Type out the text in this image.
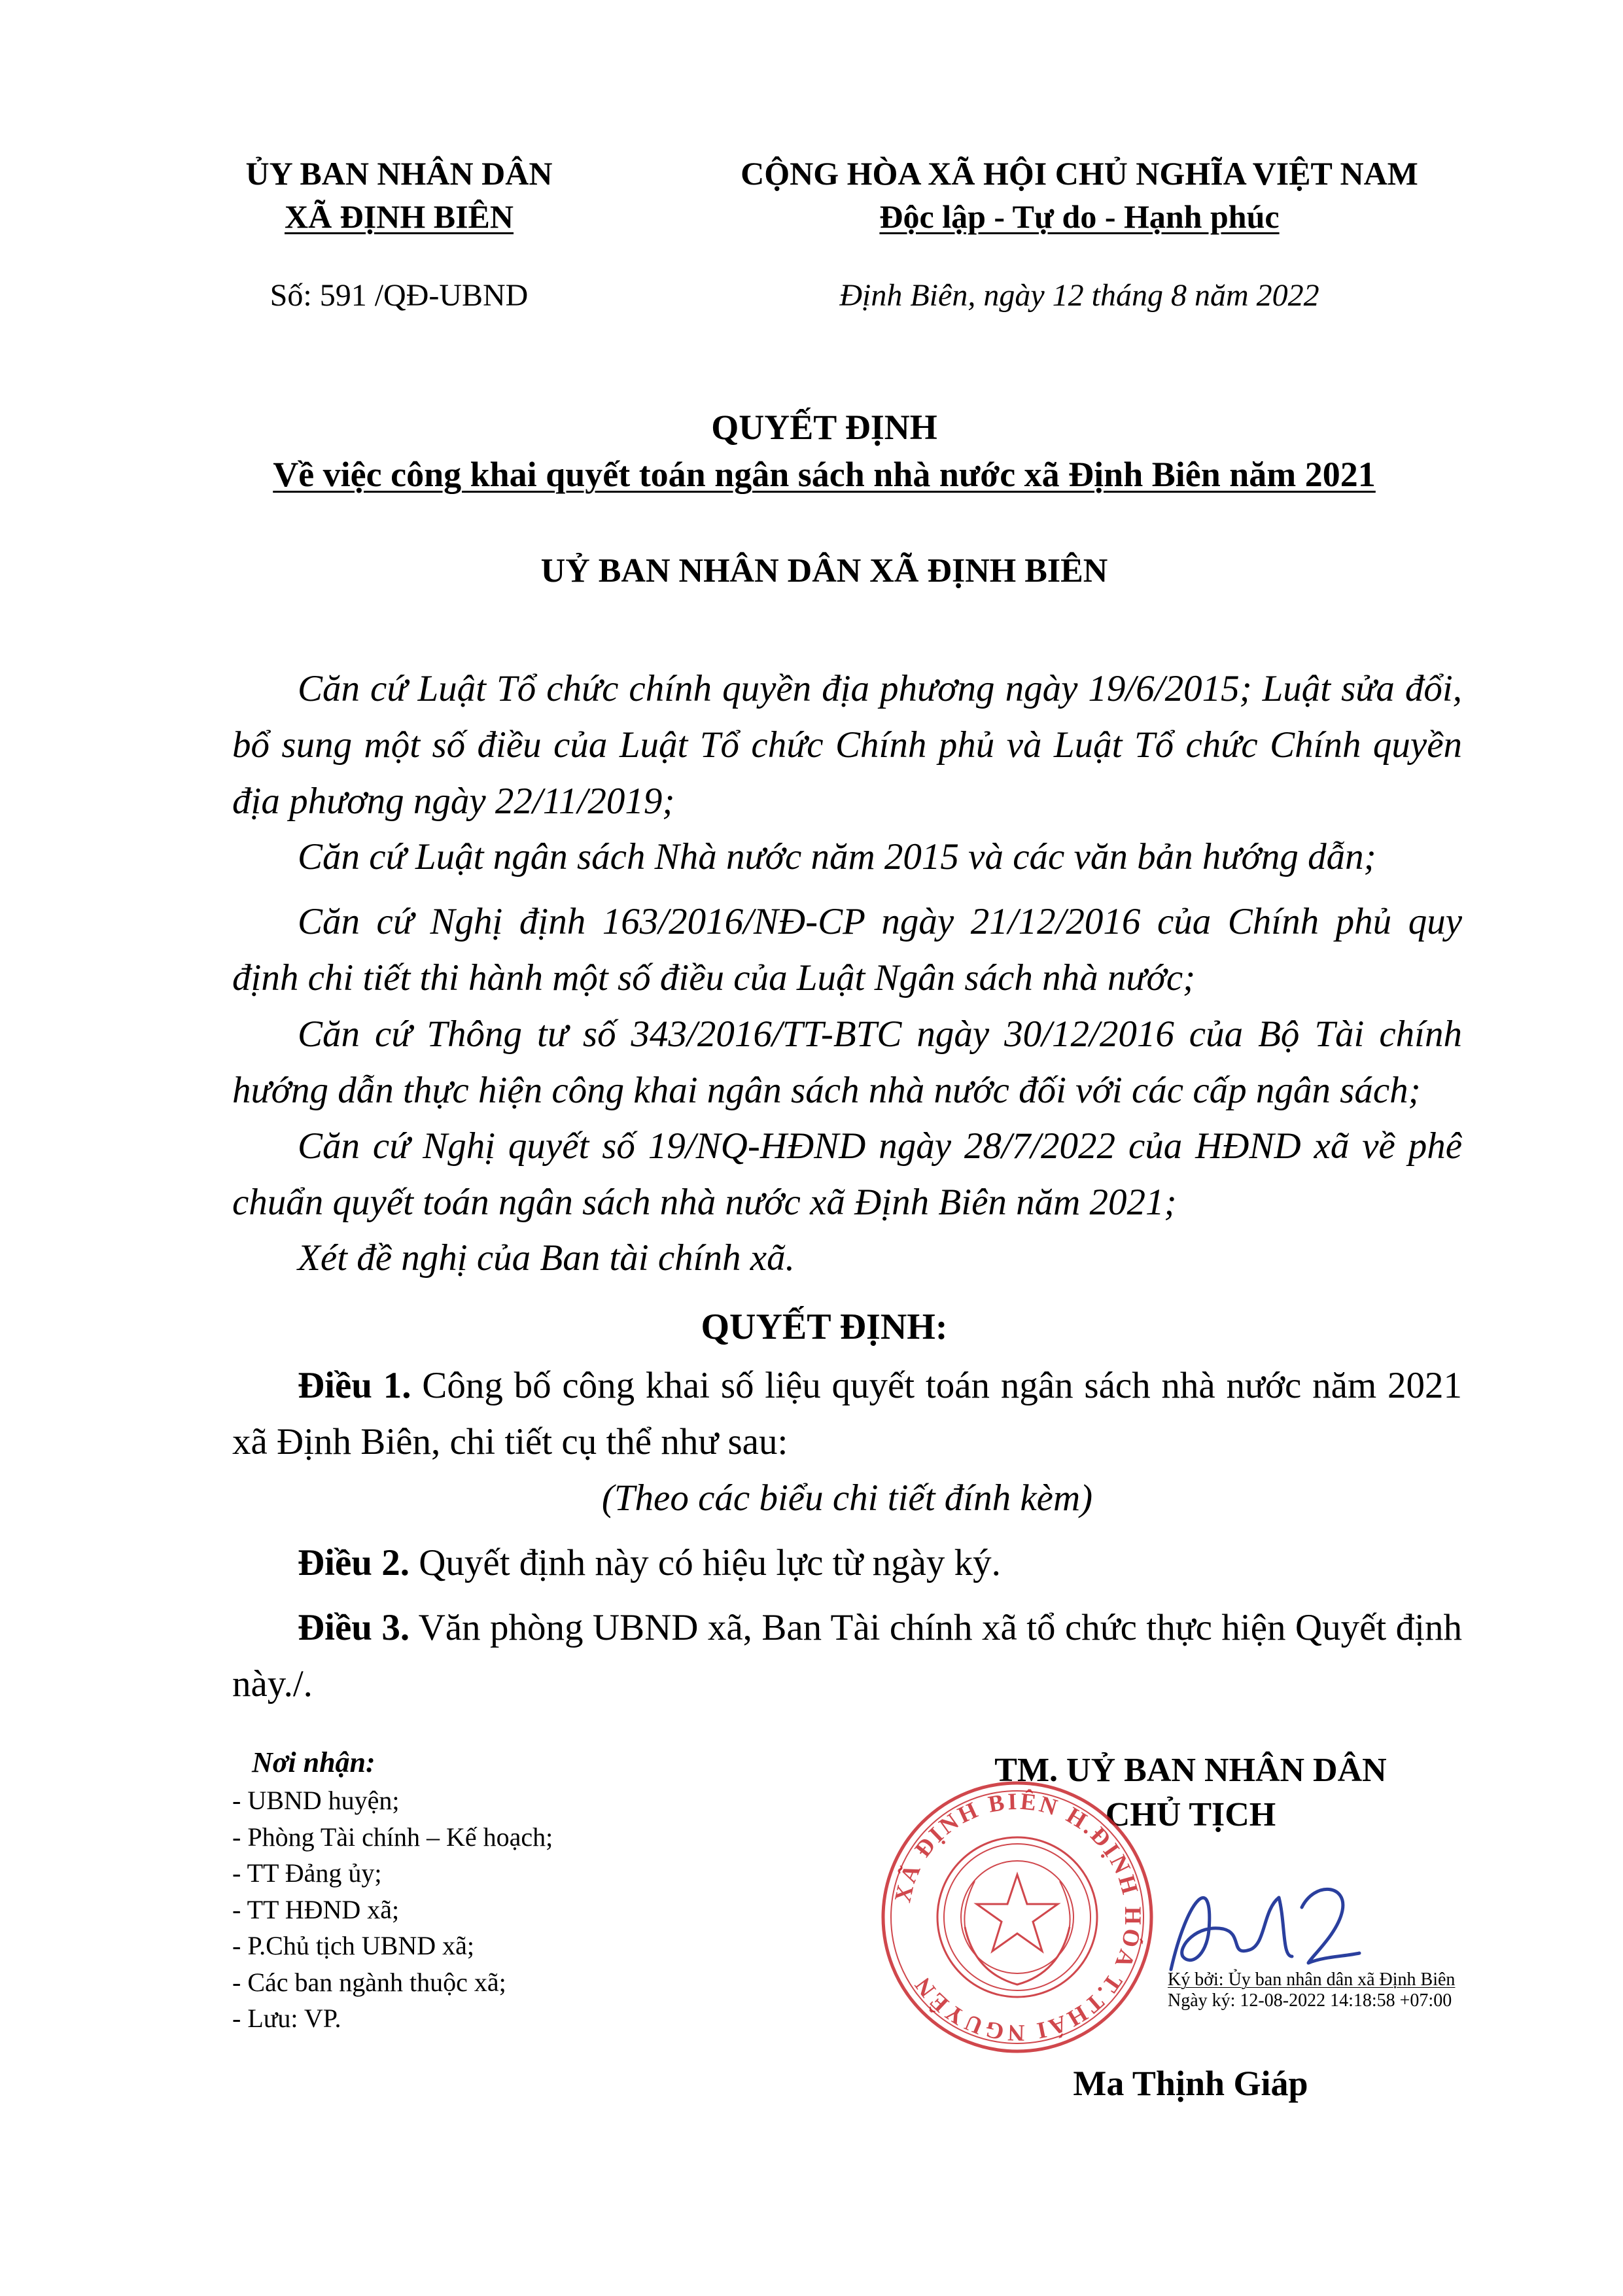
ỦY BAN NHÂN DÂN
XÃ ĐỊNH BIÊN
CỘNG HÒA XÃ HỘI CHỦ NGHĨA VIỆT NAM
Độc lập - Tự do - Hạnh phúc
Số: 591 /QĐ-UBND	Định Biên, ngày 12 tháng 8 năm 2022
QUYẾT ĐỊNH
Về việc công khai quyết toán ngân sách nhà nước xã Định Biên năm 2021
UỶ BAN NHÂN DÂN XÃ ĐỊNH BIÊN
Căn cứ Luật Tổ chức chính quyền địa phương ngày 19/6/2015; Luật sửa đổi, bổ sung một số điều của Luật Tổ chức Chính phủ và Luật Tổ chức Chính quyền địa phương ngày 22/11/2019;
Căn cứ Luật ngân sách Nhà nước năm 2015 và các văn bản hướng dẫn;
Căn cứ Nghị định 163/2016/NĐ-CP ngày 21/12/2016 của Chính phủ quy định chi tiết thi hành một số điều của Luật Ngân sách nhà nước;
Căn cứ Thông tư số 343/2016/TT-BTC ngày 30/12/2016 của Bộ Tài chính hướng dẫn thực hiện công khai ngân sách nhà nước đối với các cấp ngân sách;
Căn cứ Nghị quyết số 19/NQ-HĐND ngày 28/7/2022 của HĐND xã về phê chuẩn quyết toán ngân sách nhà nước xã Định Biên năm 2021;
Xét đề nghị của Ban tài chính xã.
QUYẾT ĐỊNH:
Điều 1. Công bố công khai số liệu quyết toán ngân sách nhà nước năm 2021 xã Định Biên, chi tiết cụ thể như sau:
(Theo các biểu chi tiết đính kèm)
Điều 2. Quyết định này có hiệu lực từ ngày ký.
Điều 3. Văn phòng UBND xã, Ban Tài chính xã tổ chức thực hiện Quyết định này./.
Nơi nhận:
- UBND huyện;
- Phòng Tài chính – Kế hoạch;
- TT Đảng ủy;
- TT HĐND xã;
- P.Chủ tịch UBND xã;
- Các ban ngành thuộc xã;
- Lưu: VP.
TM. UỶ BAN NHÂN DÂN
CHỦ TỊCH
XÃ ĐỊNH BIÊN H.ĐỊNH HÓA T.THÁI NGUYÊN	Ký bởi: Ủy ban nhân dân xã Định Biên
Ngày ký: 12-08-2022 14:18:58 +07:00
Ma Thịnh Giáp
